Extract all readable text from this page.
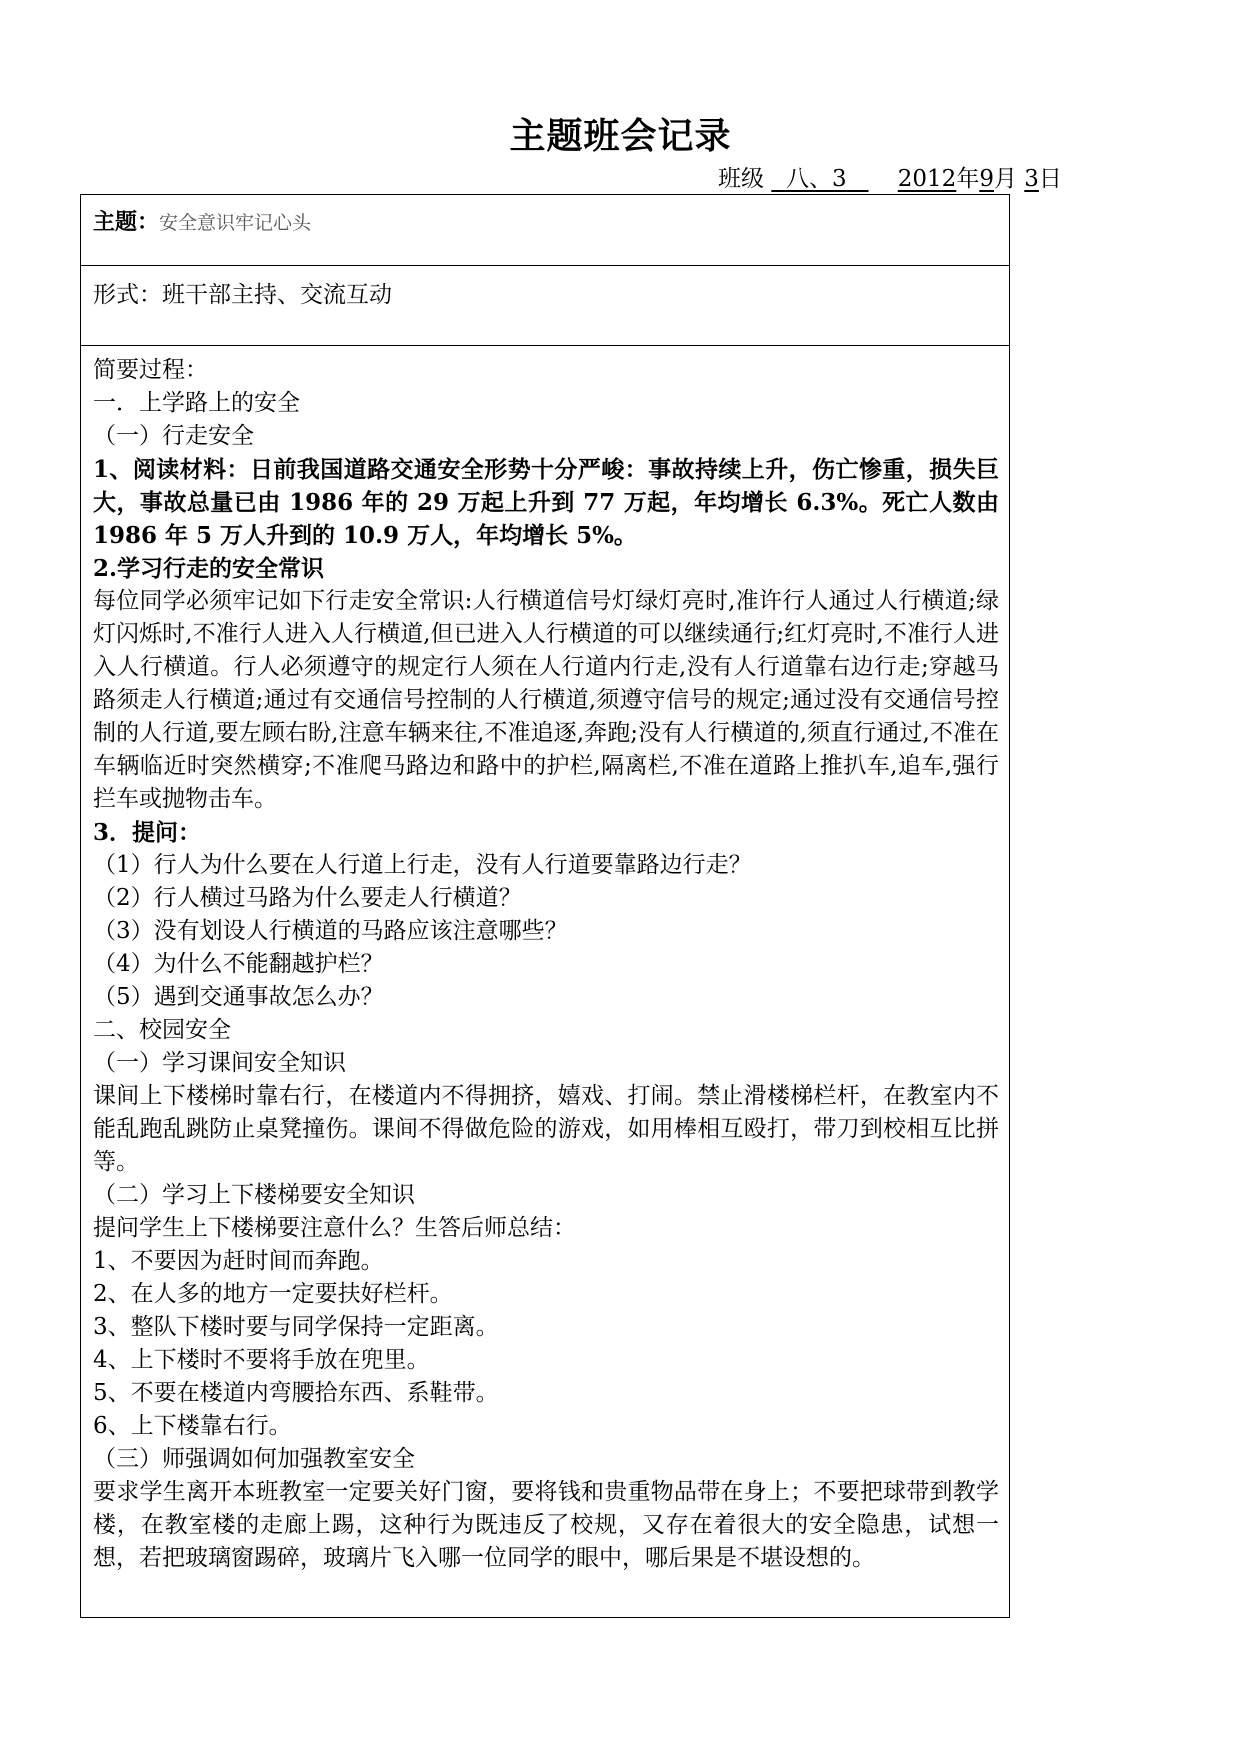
主题班会记录
班级 八、3 2012年9月 3日
主题：安全意识牢记心头
形式：班干部主持、交流互动

简要过程：

一．上学路上的安全

（一）行走安全

1、阅读材料：日前我国道路交通安全形势十分严峻：事故持续上升，伤亡惨重，损失巨大，事故总量已由 1986 年的 29 万起上升到 77 万起，年均增长 6.3%。死亡人数由 1986 年 5 万人升到的 10.9 万人，年均增长 5%。

2.学习行走的安全常识

每位同学必须牢记如下行走安全常识:人行横道信号灯绿灯亮时,准许行人通过人行横道;绿灯闪烁时,不准行人进入人行横道,但已进入人行横道的可以继续通行;红灯亮时,不准行人进入人行横道。行人必须遵守的规定行人须在人行道内行走,没有人行道靠右边行走;穿越马路须走人行横道;通过有交通信号控制的人行横道,须遵守信号的规定;通过没有交通信号控制的人行道,要左顾右盼,注意车辆来往,不准追逐,奔跑;没有人行横道的,须直行通过,不准在车辆临近时突然横穿;不准爬马路边和路中的护栏,隔离栏,不准在道路上推扒车,追车,强行拦车或抛物击车。

3．提问：

（1）行人为什么要在人行道上行走，没有人行道要靠路边行走？

（2）行人横过马路为什么要走人行横道？

（3）没有划设人行横道的马路应该注意哪些？

（4）为什么不能翻越护栏？

（5）遇到交通事故怎么办？

二、校园安全

（一）学习课间安全知识

课间上下楼梯时靠右行，在楼道内不得拥挤，嬉戏、打闹。禁止滑楼梯栏杆，在教室内不能乱跑乱跳防止桌凳撞伤。课间不得做危险的游戏，如用棒相互殴打，带刀到校相互比拼等。

（二）学习上下楼梯要安全知识

提问学生上下楼梯要注意什么？生答后师总结：

1、不要因为赶时间而奔跑。

2、在人多的地方一定要扶好栏杆。

3、整队下楼时要与同学保持一定距离。

4、上下楼时不要将手放在兜里。

5、不要在楼道内弯腰拾东西、系鞋带。

6、上下楼靠右行。

（三）师强调如何加强教室安全

要求学生离开本班教室一定要关好门窗，要将钱和贵重物品带在身上；不要把球带到教学楼，在教室楼的走廊上踢，这种行为既违反了校规，又存在着很大的安全隐患，试想一想，若把玻璃窗踢碎，玻璃片飞入哪一位同学的眼中，哪后果是不堪设想的。
